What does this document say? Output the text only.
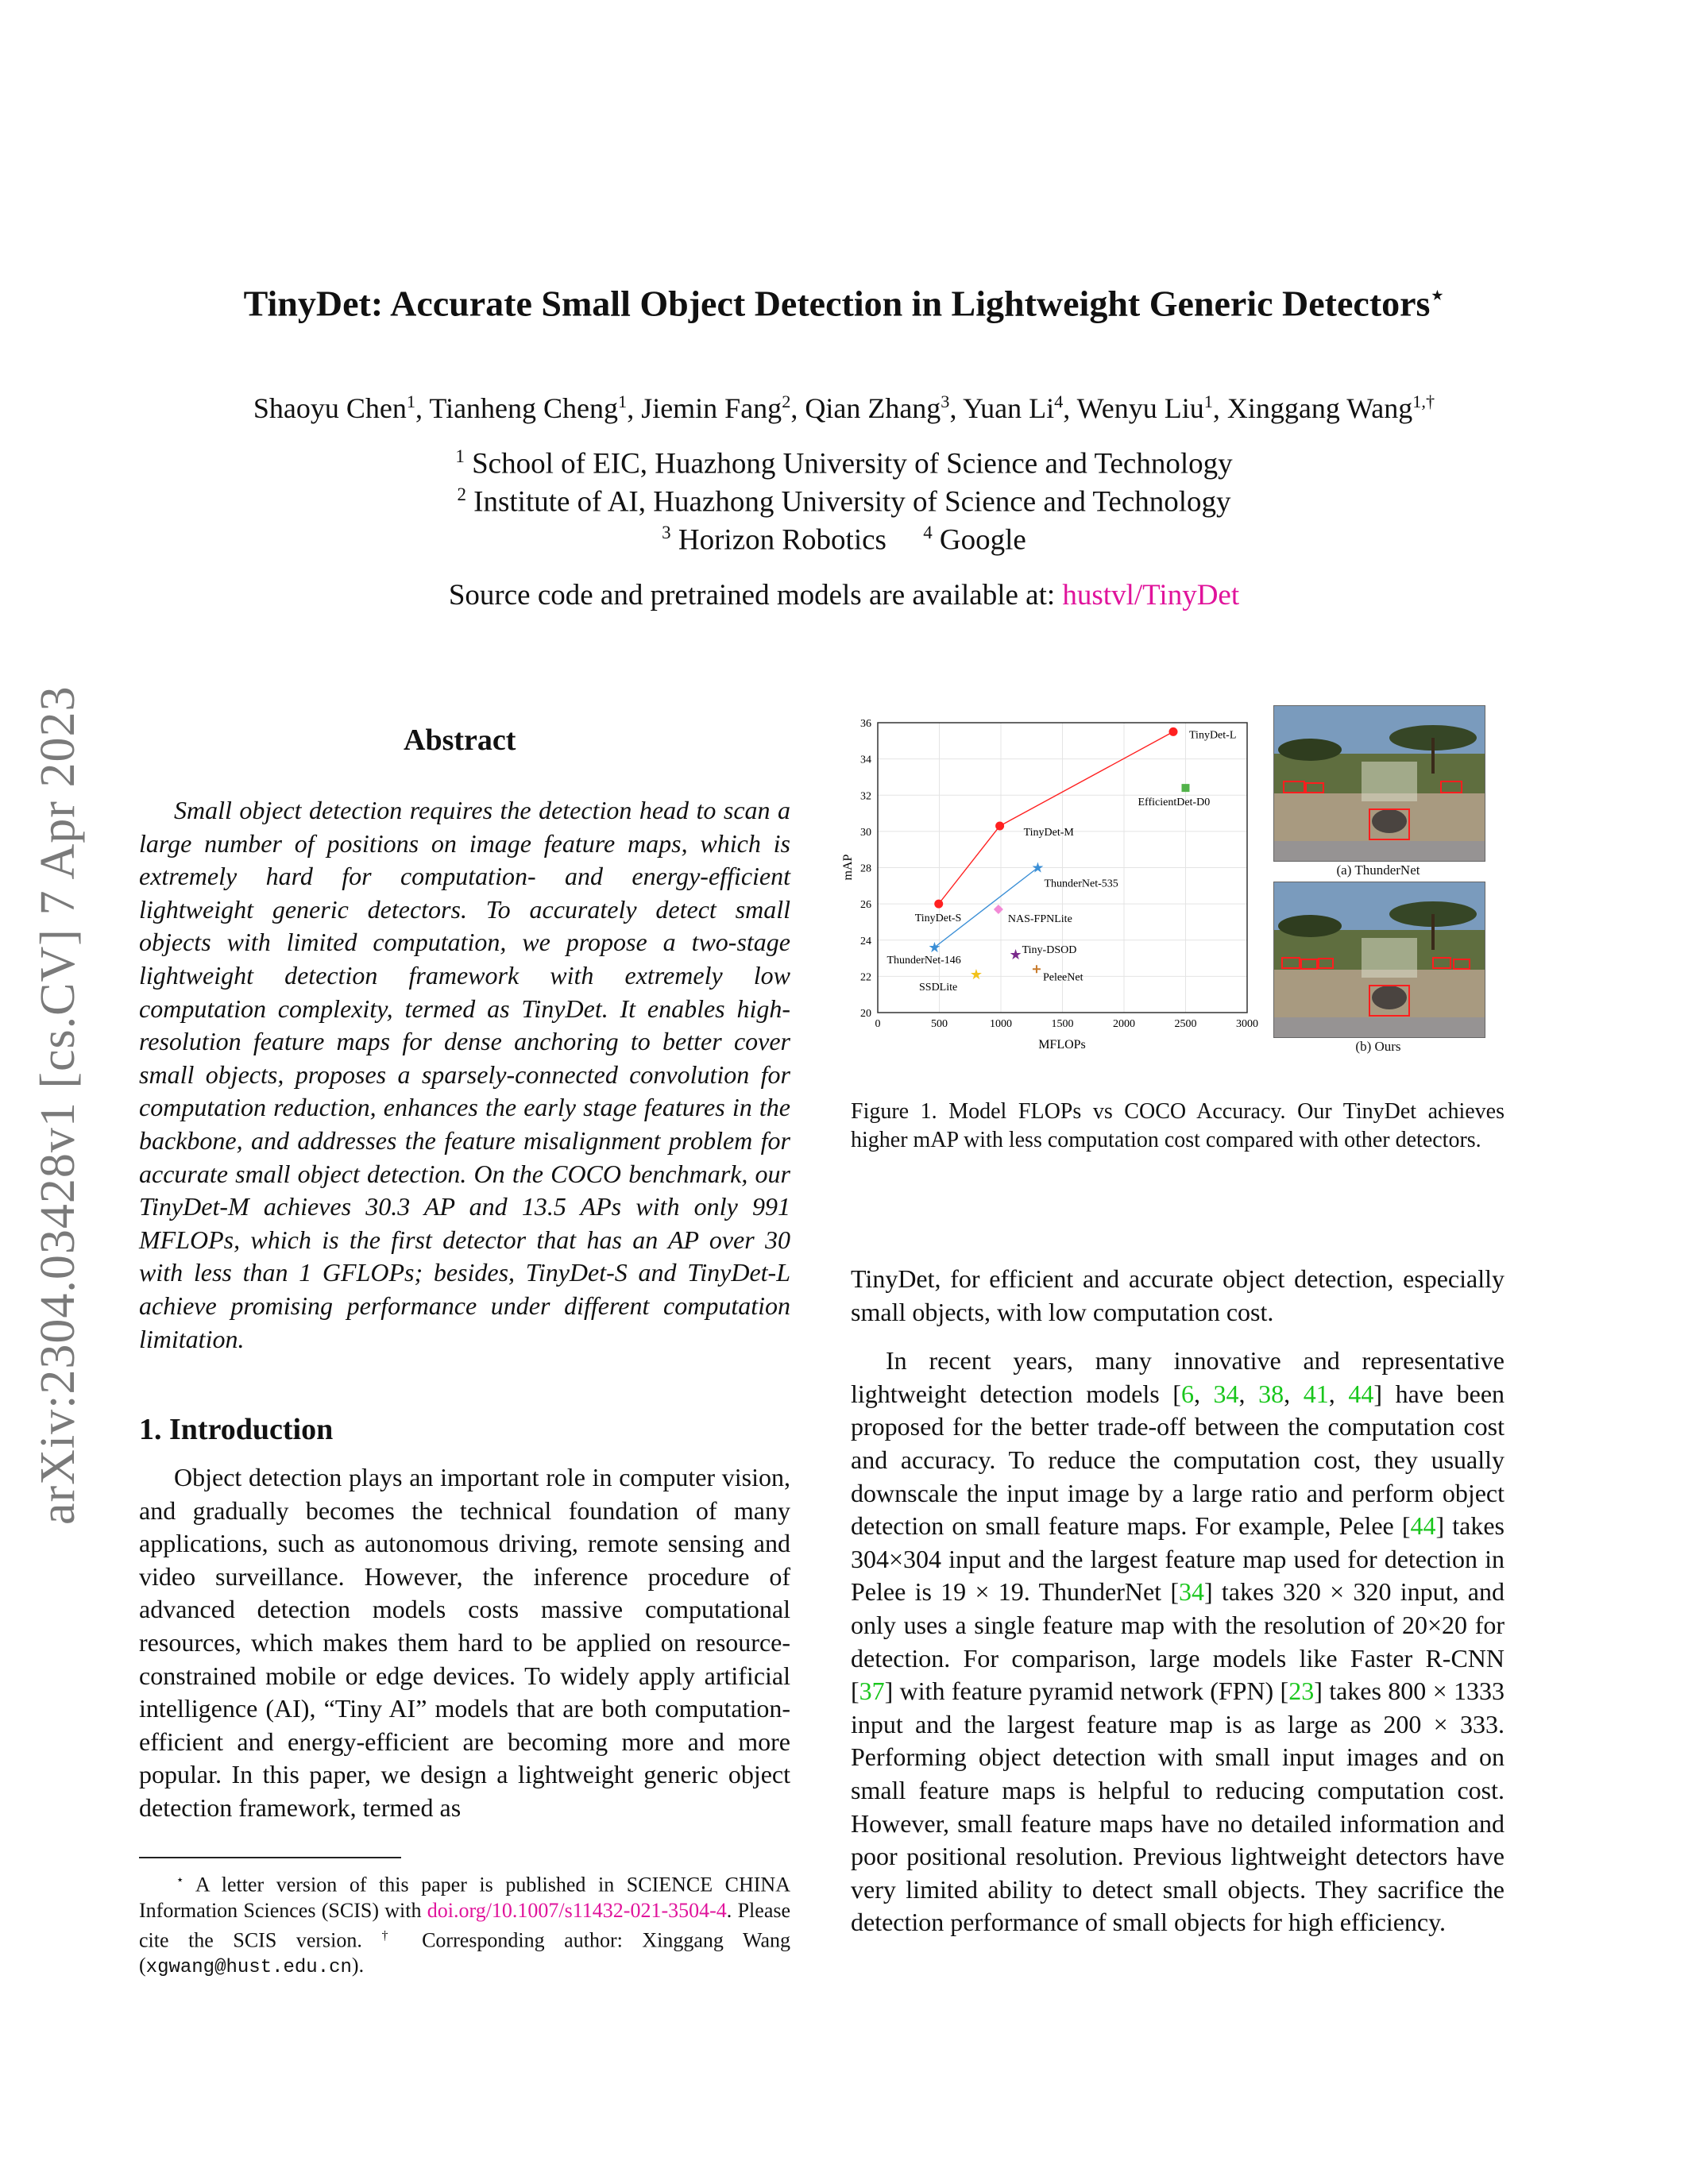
arXiv:2304.03428v1 [cs.CV] 7 Apr 2023
TinyDet: Accurate Small Object Detection in Lightweight Generic Detectors⋆
Shaoyu Chen$^1$, Tianheng Cheng$^1$, Jiemin Fang$^2$, Qian Zhang$^3$, Yuan Li$^4$, Wenyu Liu$^1$, Xinggang Wang$^{1,\dagger}$
$^1$ School of EIC, Huazhong University of Science and Technology
$^2$ Institute of AI, Huazhong University of Science and Technology
$^3$ Horizon Robotics $^4$ Google
Source code and pretrained models are available at: hustvl/TinyDet
Abstract

Small object detection requires the detection head to scan a large number of positions on image feature maps, which is extremely hard for computation- and energy-efficient lightweight generic detectors. To accurately detect small objects with limited computation, we propose a two-stage lightweight detection framework with extremely low computation complexity, termed as TinyDet. It enables high-resolution feature maps for dense anchoring to better cover small objects, proposes a sparsely-connected convolution for computation reduction, enhances the early stage features in the backbone, and addresses the feature misalignment problem for accurate small object detection. On the COCO benchmark, our TinyDet-M achieves 30.3 AP and 13.5 APs with only 991 MFLOPs, which is the first detector that has an AP over 30 with less than 1 GFLOPs; besides, TinyDet-S and TinyDet-L achieve promising performance under different computation limitation.

1. Introduction

Object detection plays an important role in computer vision, and gradually becomes the technical foundation of many applications, such as autonomous driving, remote sensing and video surveillance. However, the inference procedure of advanced detection models costs massive computational resources, which makes them hard to be applied on resource-constrained mobile or edge devices. To widely apply artificial intelligence (AI), “Tiny AI” models that are both computation-efficient and energy-efficient are becoming more and more popular. In this paper, we design a lightweight generic object detection framework, termed as

⋆ A letter version of this paper is published in SCIENCE CHINA Information Sciences (SCIS) with doi.org/10.1007/s11432-021-3504-4. Please cite the SCIS version. † Corresponding author: Xinggang Wang (xgwang@hust.edu.cn).
0	500	1000	1500	2000	2500	3000
20
22
24
26
28
30
32
34
36
★
★
★
★
TinyDet-S
TinyDet-M
TinyDet-L
ThunderNet-146
ThunderNet-535
EfficientDet-D0
NAS-FPNLite
Tiny-DSOD
SSDLite
PeleeNet
MFLOPs
mAP	(a) ThunderNet
(b) Ours
Figure 1. Model FLOPs vs COCO Accuracy. Our TinyDet achieves higher mAP with less computation cost compared with other detectors.

TinyDet, for efficient and accurate object detection, especially small objects, with low computation cost.

In recent years, many innovative and representative lightweight detection models [6, 34, 38, 41, 44] have been proposed for the better trade-off between the computation cost and accuracy. To reduce the computation cost, they usually downscale the input image by a large ratio and perform object detection on small feature maps. For example, Pelee [44] takes 304×304 input and the largest feature map used for detection in Pelee is 19 × 19. ThunderNet [34] takes 320 × 320 input, and only uses a single feature map with the resolution of 20×20 for detection. For comparison, large models like Faster R-CNN [37] with feature pyramid network (FPN) [23] takes 800 × 1333 input and the largest feature map is as large as 200 × 333. Performing object detection with small input images and on small feature maps is helpful to reducing computation cost. However, small feature maps have no detailed information and poor positional resolution. Previous lightweight detectors have very limited ability to detect small objects. They sacrifice the detection performance of small objects for high efficiency.
